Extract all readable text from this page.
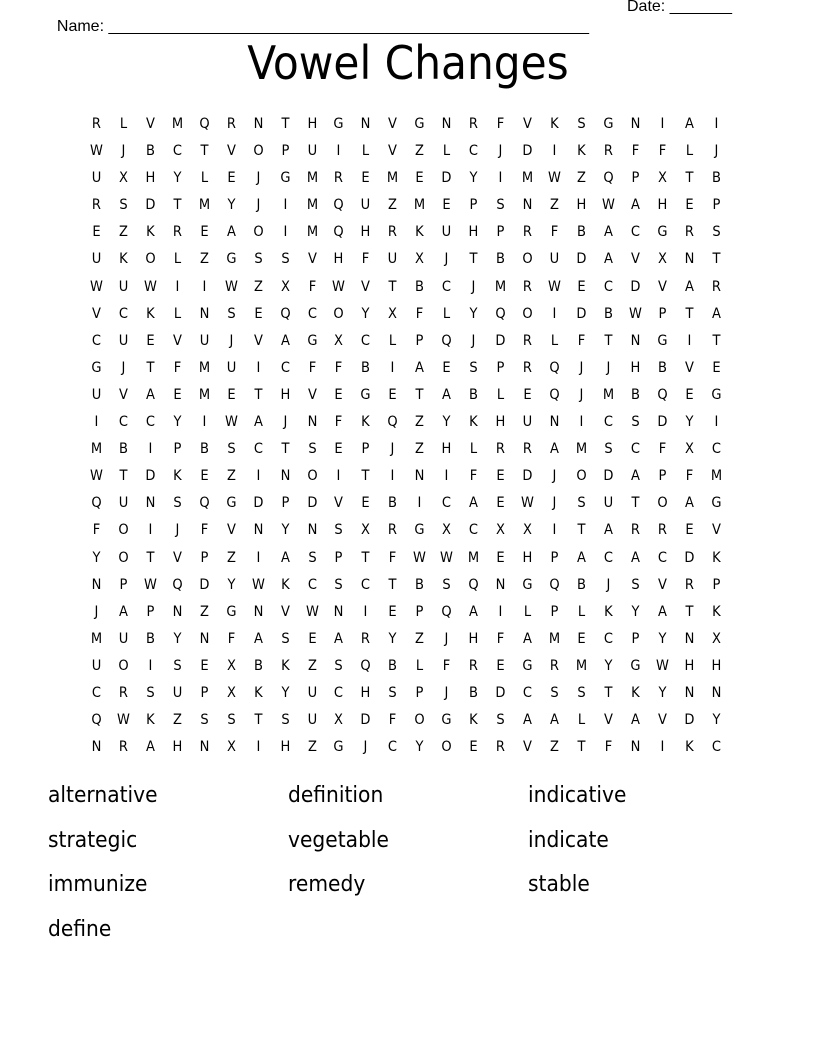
Name: ______________________________________________________

Date: _______

Vowel Changes
R	L	V	M	Q	R	N	T	H	G	N	V	G	N	R	F	V	K	S	G	N	I	A	I
W	J	B	C	T	V	O	P	U	I	L	V	Z	L	C	J	D	I	K	R	F	F	L	J
U	X	H	Y	L	E	J	G	M	R	E	M	E	D	Y	I	M	W	Z	Q	P	X	T	B
R	S	D	T	M	Y	J	I	M	Q	U	Z	M	E	P	S	N	Z	H	W	A	H	E	P
E	Z	K	R	E	A	O	I	M	Q	H	R	K	U	H	P	R	F	B	A	C	G	R	S
U	K	O	L	Z	G	S	S	V	H	F	U	X	J	T	B	O	U	D	A	V	X	N	T
W	U	W	I	I	W	Z	X	F	W	V	T	B	C	J	M	R	W	E	C	D	V	A	R
V	C	K	L	N	S	E	Q	C	O	Y	X	F	L	Y	Q	O	I	D	B	W	P	T	A
C	U	E	V	U	J	V	A	G	X	C	L	P	Q	J	D	R	L	F	T	N	G	I	T
G	J	T	F	M	U	I	C	F	F	B	I	A	E	S	P	R	Q	J	J	H	B	V	E
U	V	A	E	M	E	T	H	V	E	G	E	T	A	B	L	E	Q	J	M	B	Q	E	G
I	C	C	Y	I	W	A	J	N	F	K	Q	Z	Y	K	H	U	N	I	C	S	D	Y	I
M	B	I	P	B	S	C	T	S	E	P	J	Z	H	L	R	R	A	M	S	C	F	X	C
W	T	D	K	E	Z	I	N	O	I	T	I	N	I	F	E	D	J	O	D	A	P	F	M
Q	U	N	S	Q	G	D	P	D	V	E	B	I	C	A	E	W	J	S	U	T	O	A	G
F	O	I	J	F	V	N	Y	N	S	X	R	G	X	C	X	X	I	T	A	R	R	E	V
Y	O	T	V	P	Z	I	A	S	P	T	F	W W	M	E	H	P	A	C	A	C	D	K
N	P	W	Q	D	Y	W	K	C	S	C	T	B	S	Q	N	G	Q	B	J	S	V	R	P
J	A	P	N	Z	G	N	V	W	N	I	E	P	Q	A	I	L	P	L	K	Y	A	T	K
M	U	B	Y	N	F	A	S	E	A	R	Y	Z	J	H	F	A	M	E	C	P	Y	N	X
U	O	I	S	E	X	B	K	Z	S	Q	B	L	F	R	E	G	R	M	Y	G	W	H	H
C	R	S	U	P	X	K	Y	U	C	H	S	P	J	B	D	C	S	S	T	K	Y	N	N
Q	W	K	Z	S	S	T	S	U	X	D	F	O	G	K	S	A	A	L	V	A	V	D	Y
N	R	A	H	N	X	I	H	Z	G	J	C	Y	O	E	R	V	Z	T	F	N	I	K	C
alternative	definition	indicative
strategic	vegetable	indicate
immunize	remedy	stable
define
